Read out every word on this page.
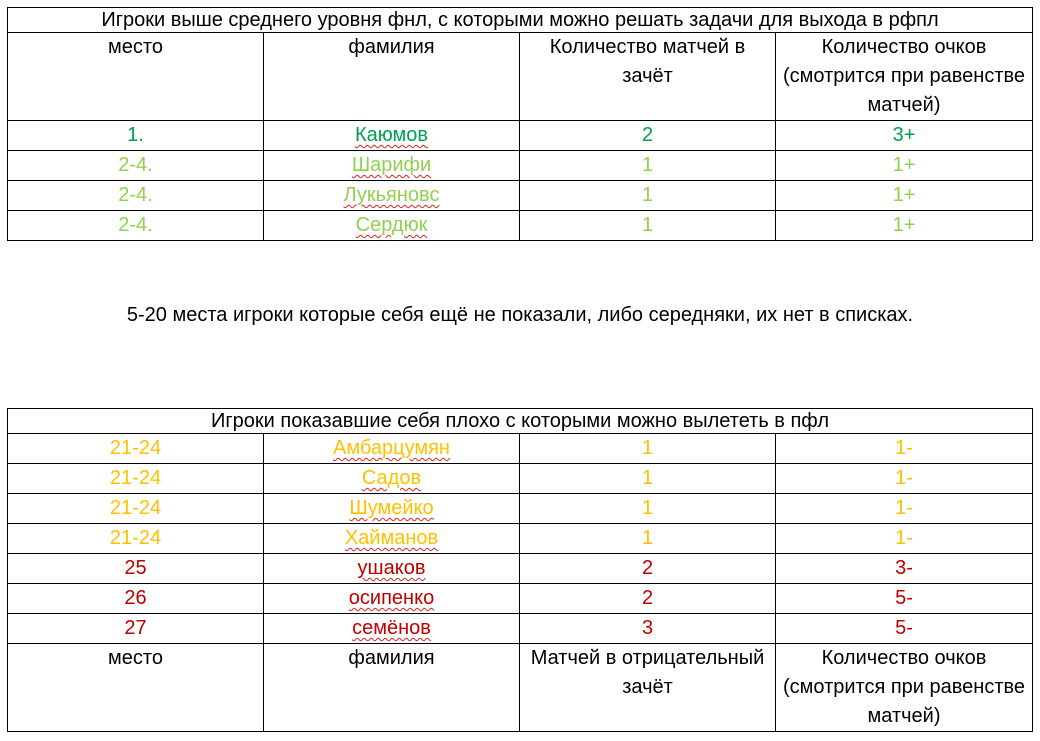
Игроки выше среднего уровня фнл, с которыми можно решать задачи для выхода в рфпл			
место	фамилия	Количество матчей в зачёт	Количество очков (смотрится при равенстве матчей)
1.	Каюмов	2	3+
2-4.	Шарифи	1	1+
2-4.	Лукьяновс	1	1+
2-4.	Сердюк	1	1+
5-20 места игроки которые себя ещё не показали, либо середняки, их нет в списках.
Игроки показавшие себя плохо с которыми можно вылететь в пфл			
21-24	Амбарцумян	1	1-
21-24	Садов	1	1-
21-24	Шумейко	1	1-
21-24	Хайманов	1	1-
25	ушаков	2	3-
26	осипенко	2	5-
27	семёнов	3	5-
место	фамилия	Матчей в отрицательный зачёт	Количество очков (смотрится при равенстве матчей)
